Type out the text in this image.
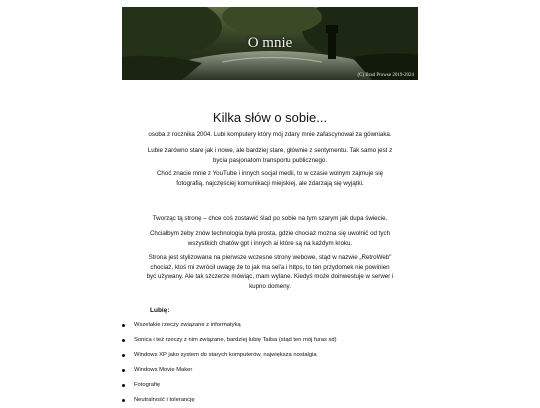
O mnie
(C) Brad Prowse 2019-2024
Kilka słów o sobie...

osoba z rocznika 2004. Lubi komputery który mój zdary mnie zafascynował za gówniaka.

Lubie zarówno stare jak i nowe, ale bardziej stare, głównie z sentymentu. Tak samo jest z bycia pasjonatom transportu publicznego.

Choć znacie mnie z YouTube i innych socjal medii, to w czasie wolnym zajmuje się fotografią, najczęściej komunikacji miejskiej, ale zdarzają się wyjątki.

Tworząc tą stronę – chce coś zostawić ślad po sobie na tym szarym jak dupa świecie.

Chciałbym żeby znów technologia była prosta, gdzie chociaż można się uwolnić od tych wszystkich chatów gpt i innych ai które są na każdym kroku.

Strona jest stylizowana na pierwsze wczesne strony webowe, stąd w nazwie „RetroWeb" chociaż, ktoś mi zwrócił uwagę że to jak ma sel'a i https, to ten przydomek nie powinien być używany. Ale tak szczerze mówiąc, mam wylane. Kiedyś może doinwestuje w serwer i kupno domeny.

Lubię:
Wszelakie rzeczy związane z informatyką
Sonica i też rzeczy z nim związane, bardziej lubię Tailsa (stąd ten mój furas xd)
Windows XP jako system do starych komputerów, największa nostalgia
Windows Movie Maker
Fotografię
Neutralność i tolerancję
